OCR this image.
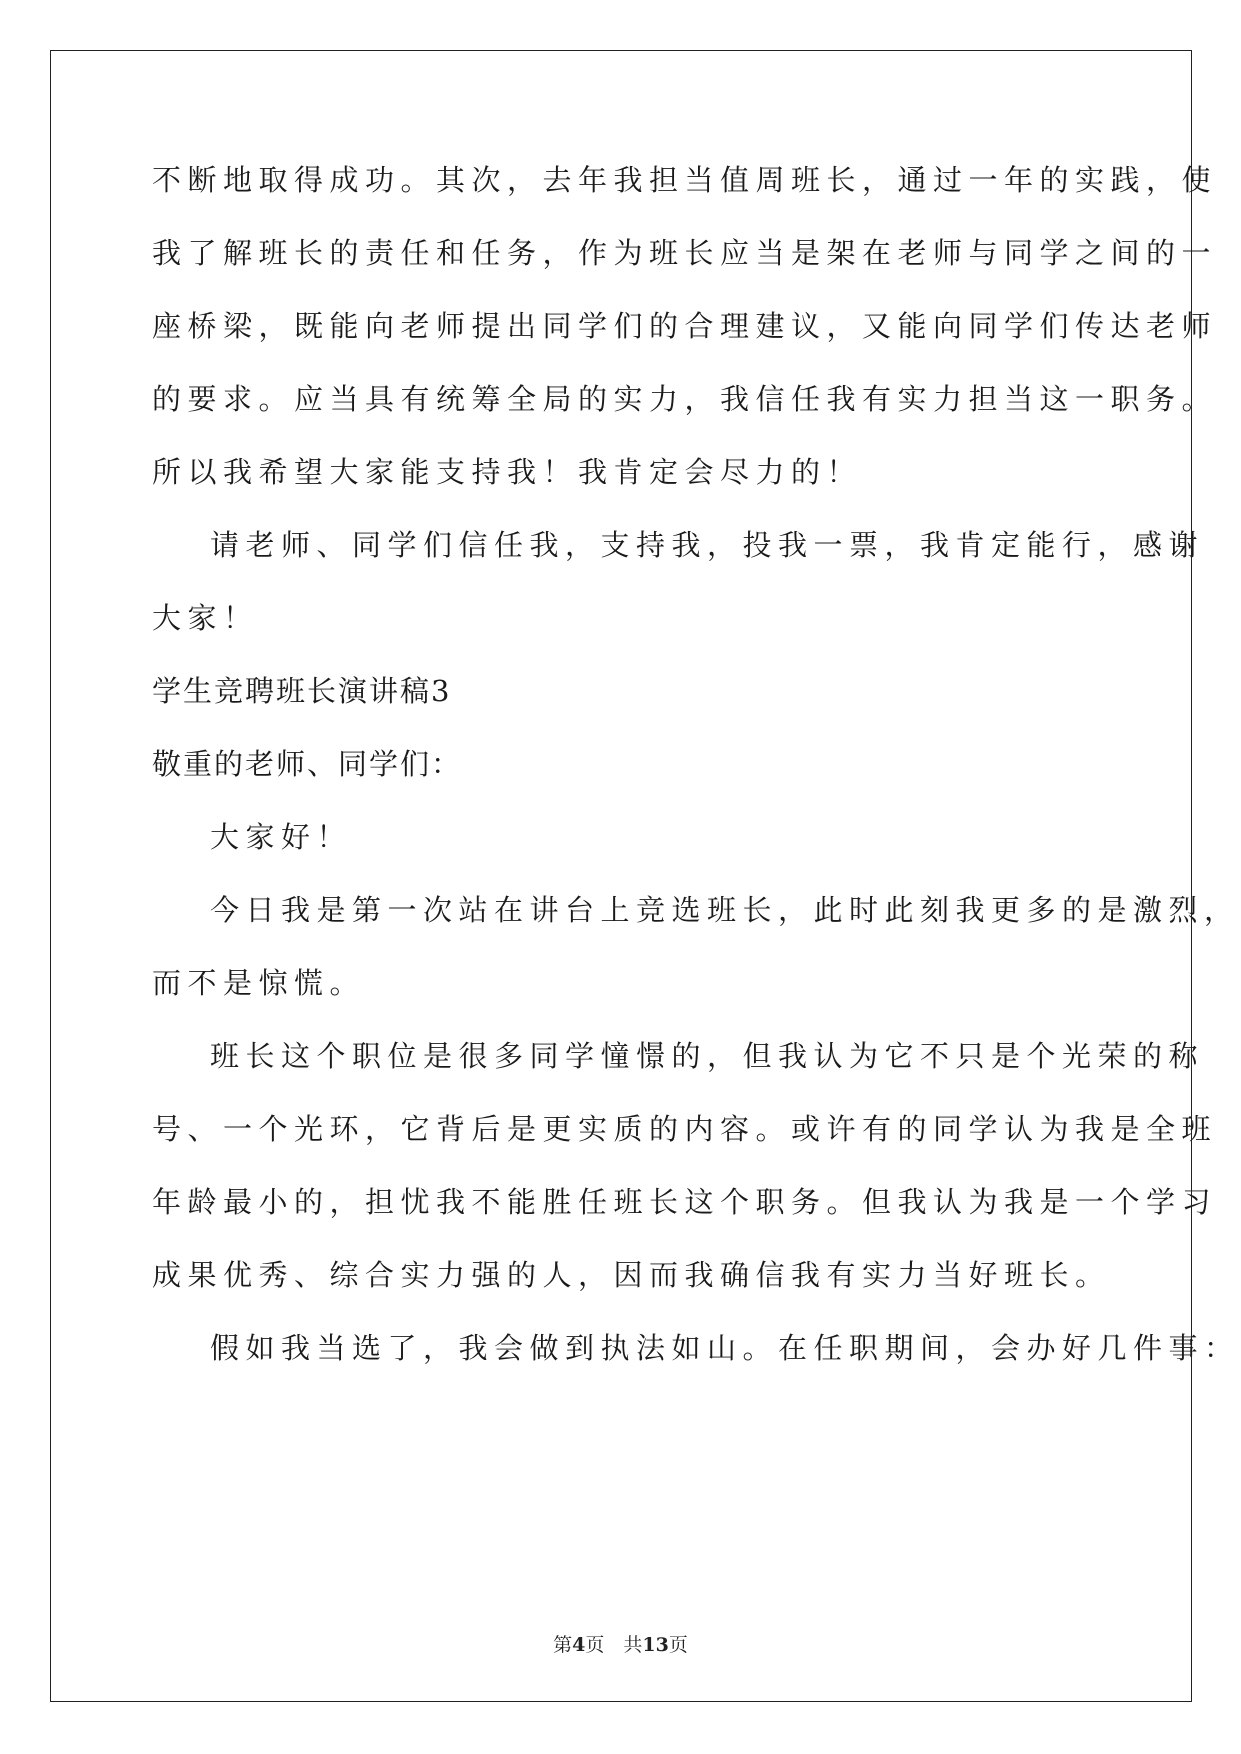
不断地取得成功。其次，去年我担当值周班长，通过一年的实践，使
我了解班长的责任和任务，作为班长应当是架在老师与同学之间的一
座桥梁，既能向老师提出同学们的合理建议，又能向同学们传达老师
的要求。应当具有统筹全局的实力，我信任我有实力担当这一职务。
所以我希望大家能支持我！我肯定会尽力的！
请老师、同学们信任我，支持我，投我一票，我肯定能行，感谢
大家！
学生竞聘班长演讲稿3
敬重的老师、同学们：
大家好！
今日我是第一次站在讲台上竞选班长，此时此刻我更多的是激烈，
而不是惊慌。
班长这个职位是很多同学憧憬的，但我认为它不只是个光荣的称
号、一个光环，它背后是更实质的内容。或许有的同学认为我是全班
年龄最小的，担忧我不能胜任班长这个职务。但我认为我是一个学习
成果优秀、综合实力强的人，因而我确信我有实力当好班长。
假如我当选了，我会做到执法如山。在任职期间，会办好几件事：
第4页　共13页
